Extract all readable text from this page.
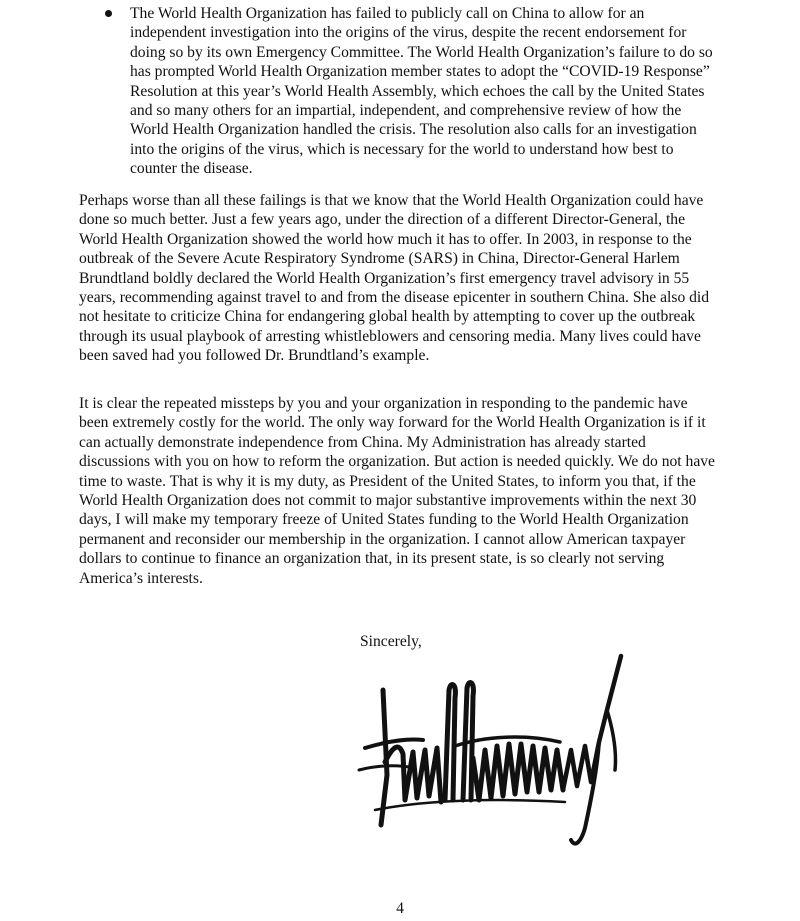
The World Health Organization has failed to publicly call on China to allow for an independent investigation into the origins of the virus, despite the recent endorsement for doing so by its own Emergency Committee. The World Health Organization’s failure to do so has prompted World Health Organization member states to adopt the “COVID-19 Response” Resolution at this year’s World Health Assembly, which echoes the call by the United States and so many others for an impartial, independent, and comprehensive review of how the World Health Organization handled the crisis. The resolution also calls for an investigation into the origins of the virus, which is necessary for the world to understand how best to counter the disease.

Perhaps worse than all these failings is that we know that the World Health Organization could have done so much better. Just a few years ago, under the direction of a different Director-General, the World Health Organization showed the world how much it has to offer. In 2003, in response to the outbreak of the Severe Acute Respiratory Syndrome (SARS) in China, Director-General Harlem Brundtland boldly declared the World Health Organization’s first emergency travel advisory in 55 years, recommending against travel to and from the disease epicenter in southern China. She also did not hesitate to criticize China for endangering global health by attempting to cover up the outbreak through its usual playbook of arresting whistleblowers and censoring media. Many lives could have been saved had you followed Dr. Brundtland’s example.

It is clear the repeated missteps by you and your organization in responding to the pandemic have been extremely costly for the world. The only way forward for the World Health Organization is if it can actually demonstrate independence from China. My Administration has already started discussions with you on how to reform the organization. But action is needed quickly. We do not have time to waste. That is why it is my duty, as President of the United States, to inform you that, if the World Health Organization does not commit to major substantive improvements within the next 30 days, I will make my temporary freeze of United States funding to the World Health Organization permanent and reconsider our membership in the organization. I cannot allow American taxpayer dollars to continue to finance an organization that, in its present state, is so clearly not serving America’s interests.

Sincerely,
4
